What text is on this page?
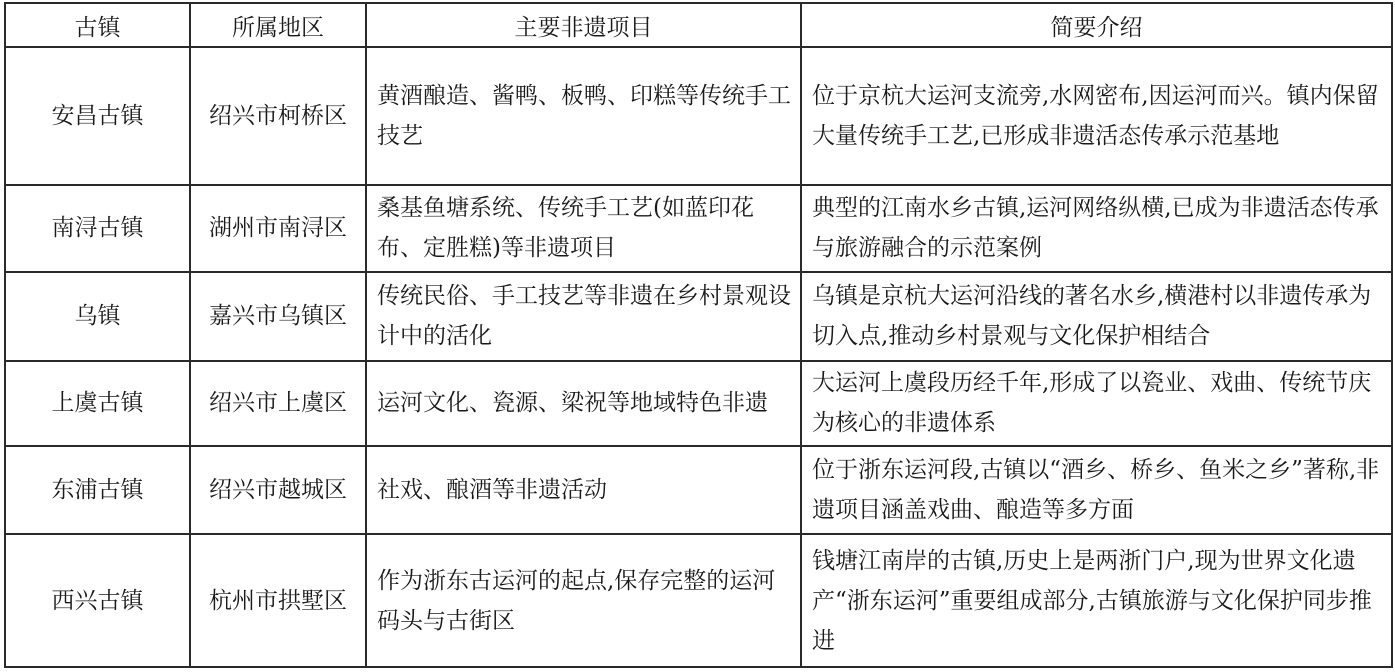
古镇	所属地区	主要非遗项目	简要介绍
安昌古镇	绍兴市柯桥区	黄酒酿造、酱鸭、板鸭、印糕等传统手工技艺	位于京杭大运河支流旁,水网密布,因运河而兴。镇内保留大量传统手工艺,已形成非遗活态传承示范基地
南浔古镇	湖州市南浔区	桑基鱼塘系统、传统手工艺(如蓝印花布、定胜糕)等非遗项目	典型的江南水乡古镇,运河网络纵横,已成为非遗活态传承与旅游融合的示范案例
乌镇	嘉兴市乌镇区	传统民俗、手工技艺等非遗在乡村景观设计中的活化	乌镇是京杭大运河沿线的著名水乡,横港村以非遗传承为切入点,推动乡村景观与文化保护相结合
上虞古镇	绍兴市上虞区	运河文化、瓷源、梁祝等地域特色非遗	大运河上虞段历经千年,形成了以瓷业、戏曲、传统节庆为核心的非遗体系
东浦古镇	绍兴市越城区	社戏、酿酒等非遗活动	位于浙东运河段,古镇以“酒乡、桥乡、鱼米之乡”著称,非遗项目涵盖戏曲、酿造等多方面
西兴古镇	杭州市拱墅区	作为浙东古运河的起点,保存完整的运河码头与古街区	钱塘江南岸的古镇,历史上是两浙门户,现为世界文化遗产“浙东运河”重要组成部分,古镇旅游与文化保护同步推进
